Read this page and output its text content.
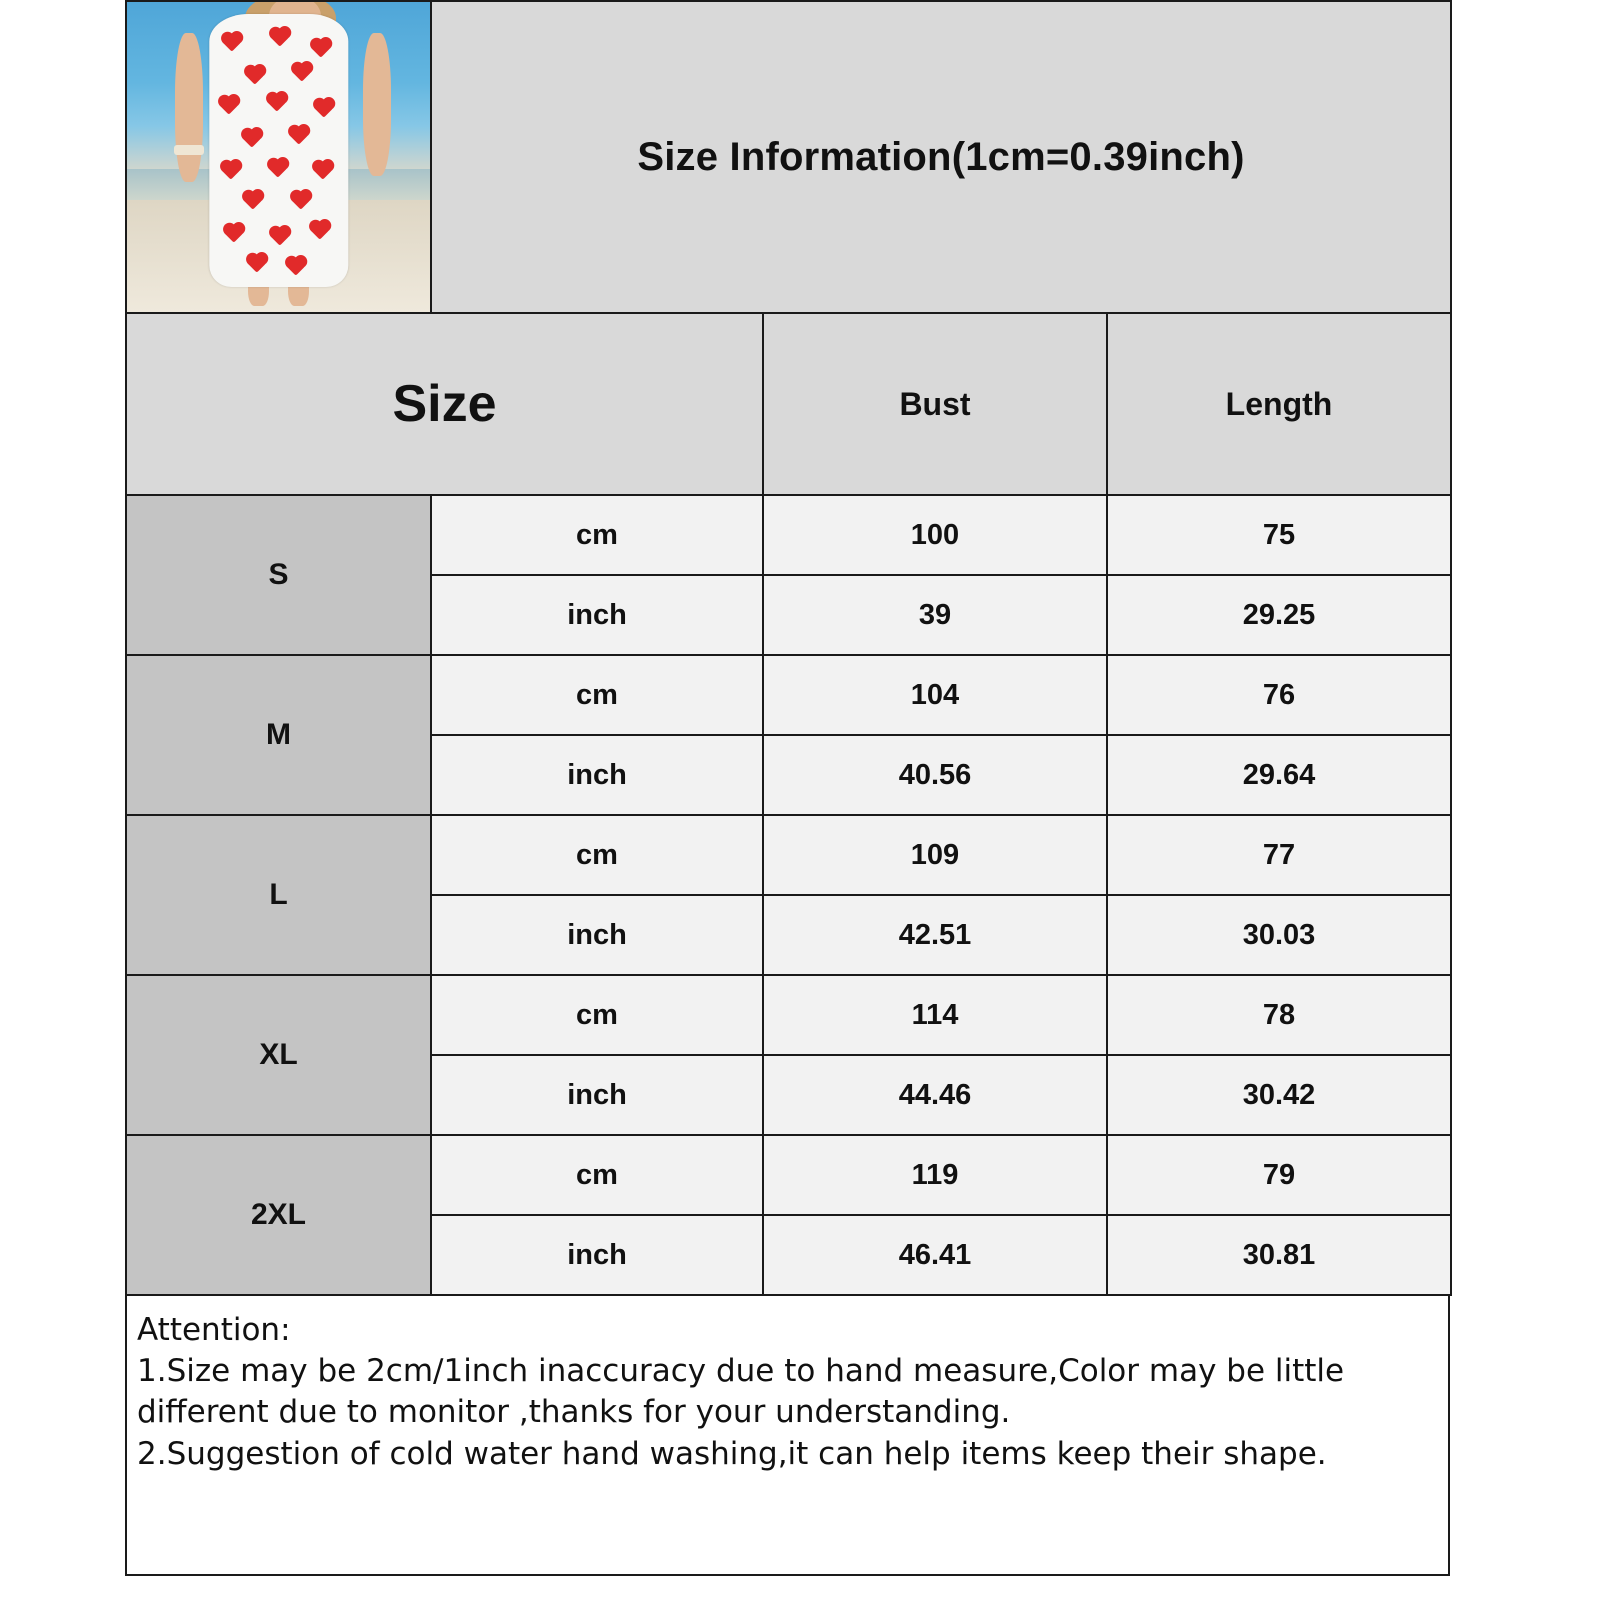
	Size Information(1cm=0.39inch)		
Size		Bust	Length
S	cm	100	75
	inch	39	29.25
M	cm	104	76
	inch	40.56	29.64
L	cm	109	77
	inch	42.51	30.03
XL	cm	114	78
	inch	44.46	30.42
2XL	cm	119	79
	inch	46.41	30.81

Attention:

1.Size may be 2cm/1inch inaccuracy due to hand measure,Color may be little

different due to monitor ,thanks for your understanding.

2.Suggestion of cold water hand washing,it can help items keep their shape.
